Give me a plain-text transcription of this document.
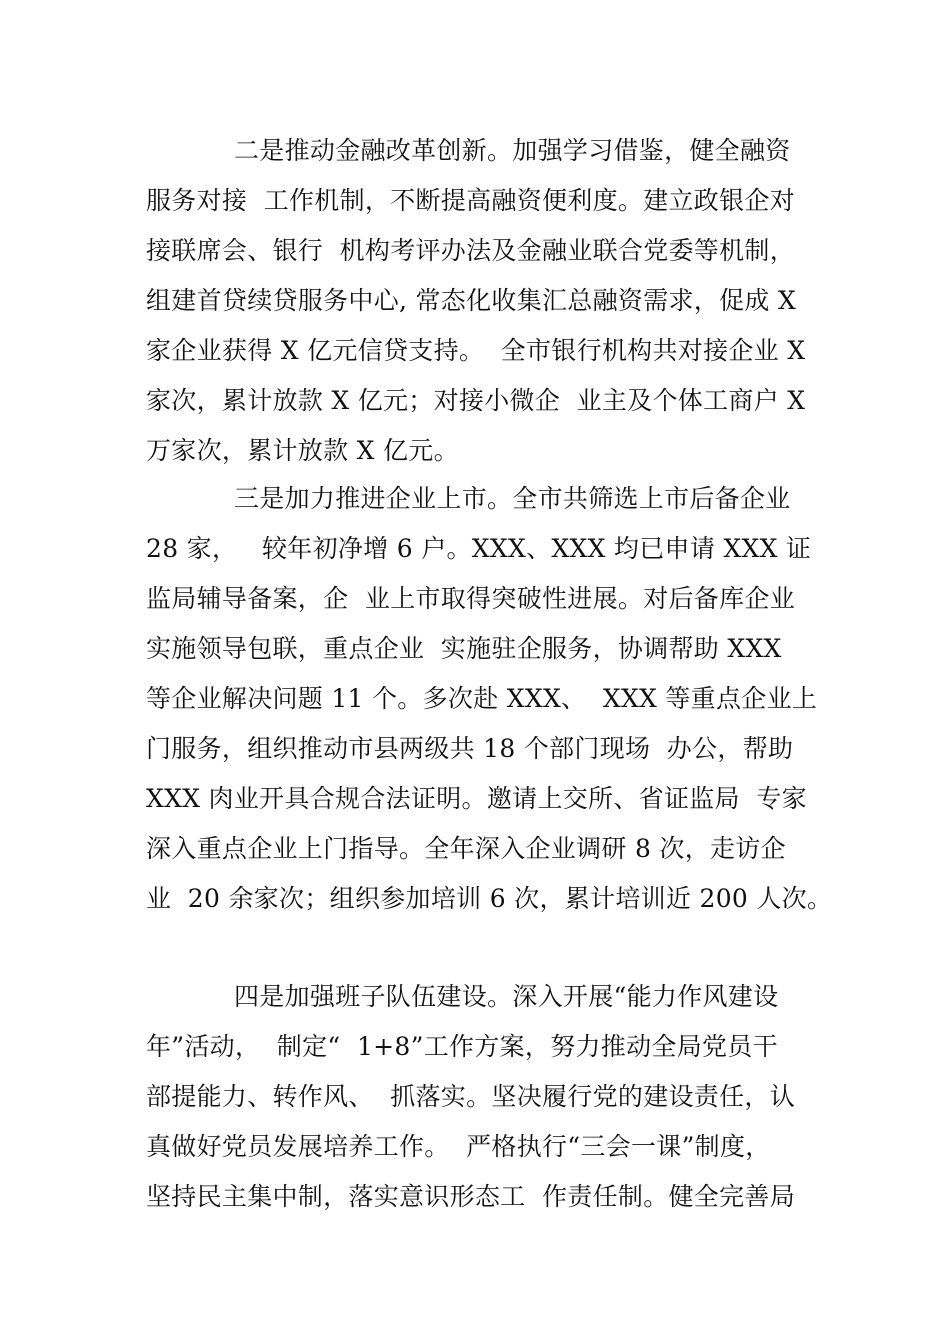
二是推动金融改革创新。加强学习借鉴，健全融资
服务对接  工作机制，不断提高融资便利度。建立政银企对
接联席会、银行  机构考评办法及金融业联合党委等机制，
组建首贷续贷服务中心, 常态化收集汇总融资需求，促成 X
家企业获得 X 亿元信贷支持。  全市银行机构共对接企业 X
家次，累计放款 X 亿元；对接小微企  业主及个体工商户 X
万家次，累计放款 X 亿元。
三是加力推进企业上市。全市共筛选上市后备企业
28 家，   较年初净增 6 户。XXX、XXX 均已申请 XXX 证
监局辅导备案，企  业上市取得突破性进展。对后备库企业
实施领导包联，重点企业  实施驻企服务，协调帮助 XXX
等企业解决问题 11 个。多次赴 XXX、  XXX 等重点企业上
门服务，组织推动市县两级共 18 个部门现场  办公，帮助
XXX 肉业开具合规合法证明。邀请上交所、省证监局  专家
深入重点企业上门指导。全年深入企业调研 8 次，走访企
业  20 余家次；组织参加培训 6 次，累计培训近 200 人次。
四是加强班子队伍建设。深入开展“能力作风建设
年”活动，  制定“  1+8”工作方案，努力推动全局党员干
部提能力、转作风、  抓落实。坚决履行党的建设责任，认
真做好党员发展培养工作。  严格执行“三会一课”制度，
坚持民主集中制，落实意识形态工  作责任制。健全完善局
